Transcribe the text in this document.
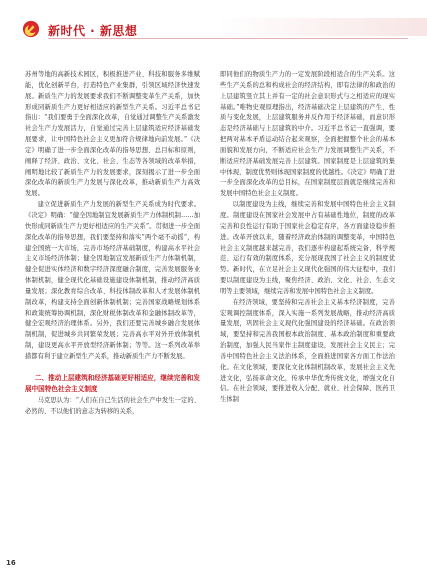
新时代 · 新思想

苏州等地的高新技术园区，积极推进产业、科技和服务多维赋能，优化创新平台，打造特色产业集群，引领区域经济快速发展。新质生产力的发展要求我们不断调整变革生产关系，加快形成同新质生产力更好相适应的新型生产关系。习近平总书记指出：“我们要勇于全面深化改革，自觉通过调整生产关系激发社会生产力发展活力，自觉通过完善上层建筑适应经济基础发展要求，让中国特色社会主义更加符合规律地向前发展。”《决定》明确了进一步全面深化改革的指导思想、总目标和原则，阐释了经济、政治、文化、社会、生态等各领域的改革举措，阐明地比较了新质生产力的发展要求，深刻揭示了进一步全面深化改革的新质生产力发展与深化改革，推动新质生产力高效发展。

建立促进新质生产力发展的新型生产关系成为时代要求。《决定》明确：“健全因地制宜发展新质生产力体制机制……加快形成同新质生产力更好相适应的生产关系”。贯彻进一步全面深化改革的指导思想，我们要坚持和落实“两个毫不动摇”，构建全国统一大市场，完善市场经济基础制度，构建高水平社会主义市场经济体制；健全因地制宜发展新质生产力体制机制，健全促进实体经济和数字经济深度融合制度，完善发展服务业体制机制，健全现代化基础设施建设体制机制，推动经济高质量发展；深化教育综合改革、科技体制改革和人才发展体制机制改革，构建支持全面创新体制机制；完善国家战略规划体系和政策统筹协调机制，深化财税体制改革和金融体制改革等，健全宏观经济治理体系。另外，我们还要完善城乡融合发展体制机制，促进城乡共同繁荣发展；完善高水平对外开放体制机制，建设更高水平开放型经济新体制；等等。这一系列改革举措都有利于建立新型生产关系，推动新质生产力不断发展。

二、推动上层建筑和经济基础更好相适应，继续完善和发展中国特色社会主义制度

马克思认为：“人们在自己生活的社会生产中发生一定的、必然的、不以他们的意志为转移的关系，

即同他们的物质生产力的一定发展阶段相适合的生产关系。这些生产关系的总和构成社会的经济结构，即有法律的和政治的上层建筑竖立其上并有一定的社会意识形式与之相适应的现实基础。”唯物史观原理指出，经济基础决定上层建筑的产生、性质与变化发展，上层建筑服务并反作用于经济基础，而意识形态是经济基础与上层建筑的中介。习近平总书记一直强调，要把两对基本矛盾运动结合起来观察，全面把握整个社会的基本面貌和发展方向，不断适应社会生产力发展调整生产关系，不断适应经济基础发展完善上层建筑。国家制度是上层建筑的集中体现，制度优势则体现国家制度的优越性。《决定》明确了进一步全面深化改革的总目标，在国家制度层面就是继续完善和发展中国特色社会主义制度。

以制度建设为主线，继续完善和发展中国特色社会主义制度。制度建设在国家社会发展中占有基础性地位，制度的改革完善和良性运行有助于国家社会稳定有序，各方面建设稳步推进。改革开放以来，随着经济政治体制的调整变革，中国特色社会主义制度越来越完善，我们逐步构建起系统完备、科学规范、运行有效的制度体系，充分展现我国了社会主义的制度优势。新时代，在立足社会主义现代化强国的伟大征程中，我们要以制度建设为主线，聚焦经济、政治、文化、社会、生态文明等主要领域，继续完善和发展中国特色社会主义制度。

在经济领域，要坚持和完善社会主义基本经济制度，完善宏观调控制度体系，深入实施一系列发展战略，推动经济高质量发展，巩固社会主义现代化强国建设的经济基础。在政治领域，要坚持和完善我国根本政治制度、基本政治制度和重要政治制度，加强人民当家作主制度建设，发展社会主义民主；完善中国特色社会主义法治体系，全面推进国家各方面工作法治化。在文化领域，要深化文化体制机制改革，发展社会主义先进文化，弘扬革命文化，传承中华优秀传统文化，增强文化自信。在社会领域，要推进收入分配、就业、社会保障、医药卫生体制

16
